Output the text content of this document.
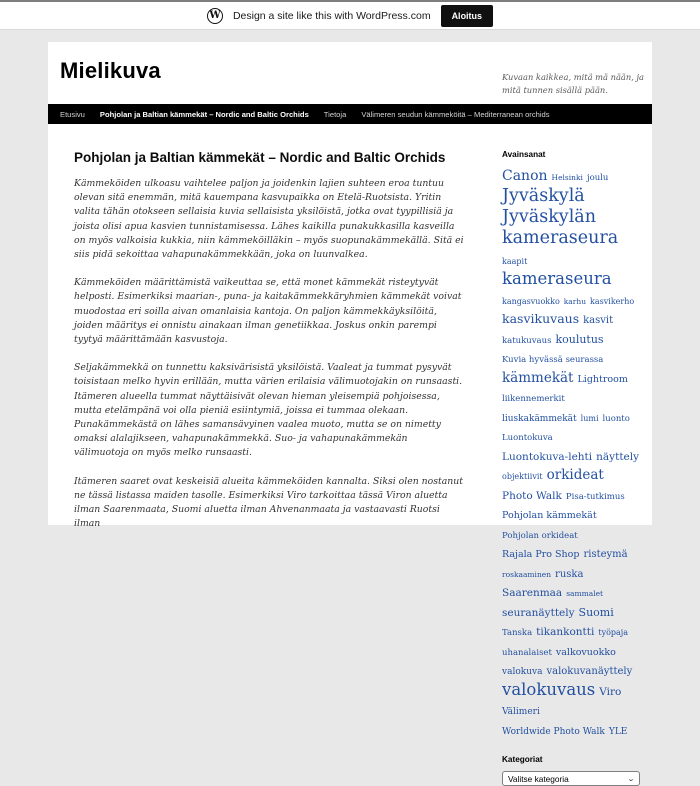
W Design a site like this with WordPress.com	Aloitus
Mielikuva	Kuvaan kaikkea, mitä mä nään, ja mitä tunnen sisällä pään.
Etusivu Pohjolan ja Baltian kämmekät – Nordic and Baltic Orchids Tietoja Välimeren seudun kämmeköitä – Mediterranean orchids
Pohjolan ja Baltian kämmekät – Nordic and Baltic Orchids

Kämmeköiden ulkoasu vaihtelee paljon ja joidenkin lajien suhteen eroa tuntuu olevan sitä enemmän, mitä kauempana kasvupaikka on Etelä-Ruotsista. Yritin valita tähän otokseen sellaisia kuvia sellaisista yksilöistä, jotka ovat tyypillisiä ja joista olisi apua kasvien tunnistamisessa. Lähes kaikilla punakukkasilla kasveilla on myös valkoisia kukkia, niin kämmeköilläkin – myös suopunakämmekällä. Sitä ei siis pidä sekoittaa vahapunakämmekkään, joka on luunvalkea.

Kämmeköiden määrittämistä vaikeuttaa se, että monet kämmekät risteytyvät helposti. Esimerkiksi maarian-, puna- ja kaitakämmekkäryhmien kämmekät voivat muodostaa eri soilla aivan omanlaisia kantoja. On paljon kämmekkäyksilöitä, joiden määritys ei onnistu ainakaan ilman genetiikkaa. Joskus onkin parempi tyytyä määrittämään kasvustoja.

Seljakämmekkä on tunnettu kaksivärisistä yksilöistä. Vaaleat ja tummat pysyvät toisistaan melko hyvin erillään, mutta värien erilaisia välimuotojakin on runsaasti. Itämeren alueella tummat näyttäisivät olevan hieman yleisempiä pohjoisessa, mutta etelämpänä voi olla pieniä esiintymiä, joissa ei tummaa olekaan. Punakämmekästä on lähes samansävyinen vaalea muoto, mutta se on nimetty omaksi alalajikseen, vahapunakämmekkä. Suo- ja vahapunakämmekän välimuotoja on myös melko runsaasti.

Itämeren saaret ovat keskeisiä alueita kämmeköiden kannalta. Siksi olen nostanut ne tässä listassa maiden tasolle. Esimerkiksi Viro tarkoittaa tässä Viron aluetta ilman Saarenmaata, Suomi aluetta ilman Ahvenanmaata ja vastaavasti Ruotsi ilman

Avainsanat
Canon Helsinki jouluJyväskyläJyväskylän kameraseurakaapitkameraseurakangasvuokko karhu kasvikerhokasvikuvaus kasvitkatukuvaus koulutusKuvia hyvässä seurassakämmekät Lightroomliikennemerkitliuskakämmekät lumi luontoLuontokuvaLuontokuva-lehti näyttelyobjektiivit orkideatPhoto Walk Pisa-tutkimusPohjolan kämmekätPohjolan orkideatRajala Pro Shop risteymäroskaaminen ruskaSaarenmaa sammaletseuranäyttely SuomiTanska tikankontti työpajauhanalaiset valkovuokkovalokuva valokuvanäyttelyvalokuvaus ViroVälimeriWorldwide Photo Walk YLE
Kategoriat
Valitse kategoria	⌄
